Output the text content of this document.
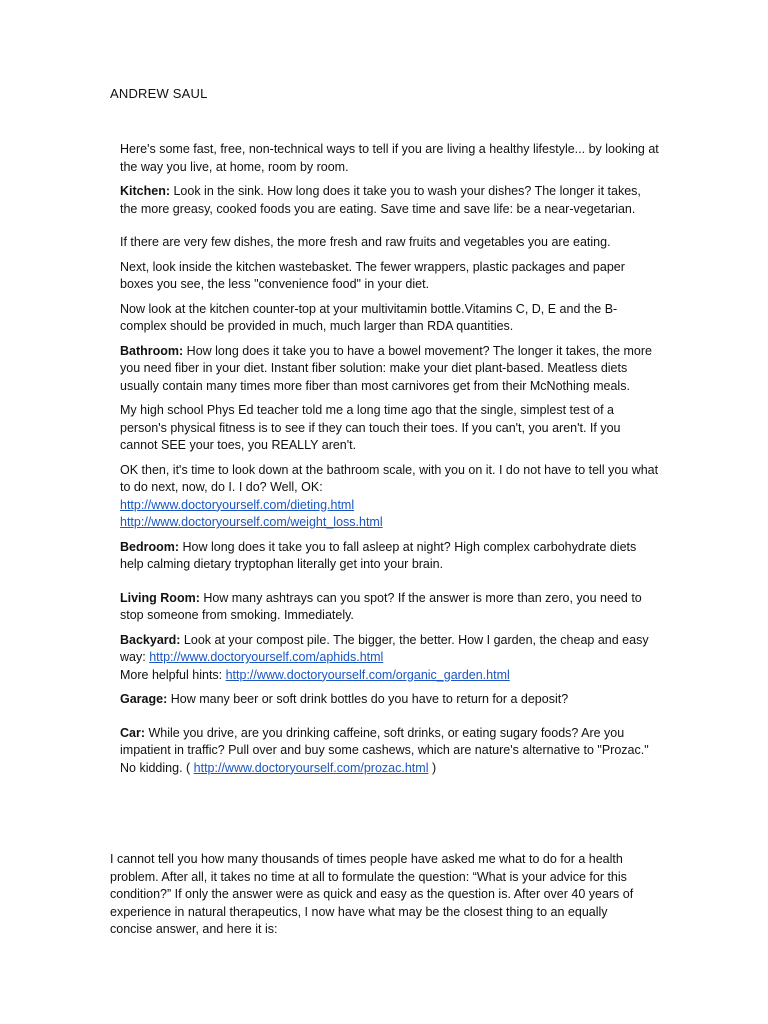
ANDREW SAUL

Here's some fast, free, non-technical ways to tell if you are living a healthy lifestyle... by looking at the way you live, at home, room by room.

Kitchen: Look in the sink. How long does it take you to wash your dishes? The longer it takes, the more greasy, cooked foods you are eating. Save time and save life: be a near-vegetarian.

If there are very few dishes, the more fresh and raw fruits and vegetables you are eating.

Next, look inside the kitchen wastebasket. The fewer wrappers, plastic packages and paper boxes you see, the less "convenience food" in your diet.

Now look at the kitchen counter-top at your multivitamin bottle.Vitamins C, D, E and the B- complex should be provided in much, much larger than RDA quantities.

Bathroom: How long does it take you to have a bowel movement? The longer it takes, the more you need fiber in your diet. Instant fiber solution: make your diet plant-based. Meatless diets usually contain many times more fiber than most carnivores get from their McNothing meals.

My high school Phys Ed teacher told me a long time ago that the single, simplest test of a person's physical fitness is to see if they can touch their toes. If you can't, you aren't. If you cannot SEE your toes, you REALLY aren't.

OK then, it's time to look down at the bathroom scale, with you on it. I do not have to tell you what to do next, now, do I. I do? Well, OK:
http://www.doctoryourself.com/dieting.html
http://www.doctoryourself.com/weight_loss.html

Bedroom: How long does it take you to fall asleep at night? High complex carbohydrate diets help calming dietary tryptophan literally get into your brain.

Living Room: How many ashtrays can you spot? If the answer is more than zero, you need to stop someone from smoking. Immediately.

Backyard: Look at your compost pile. The bigger, the better. How I garden, the cheap and easy way: http://www.doctoryourself.com/aphids.html
More helpful hints: http://www.doctoryourself.com/organic_garden.html

Garage: How many beer or soft drink bottles do you have to return for a deposit?

Car: While you drive, are you drinking caffeine, soft drinks, or eating sugary foods? Are you impatient in traffic? Pull over and buy some cashews, which are nature's alternative to "Prozac." No kidding. ( http://www.doctoryourself.com/prozac.html )

I cannot tell you how many thousands of times people have asked me what to do for a health problem. After all, it takes no time at all to formulate the question: “What is your advice for this condition?” If only the answer were as quick and easy as the question is. After over 40 years of experience in natural therapeutics, I now have what may be the closest thing to an equally concise answer, and here it is:
